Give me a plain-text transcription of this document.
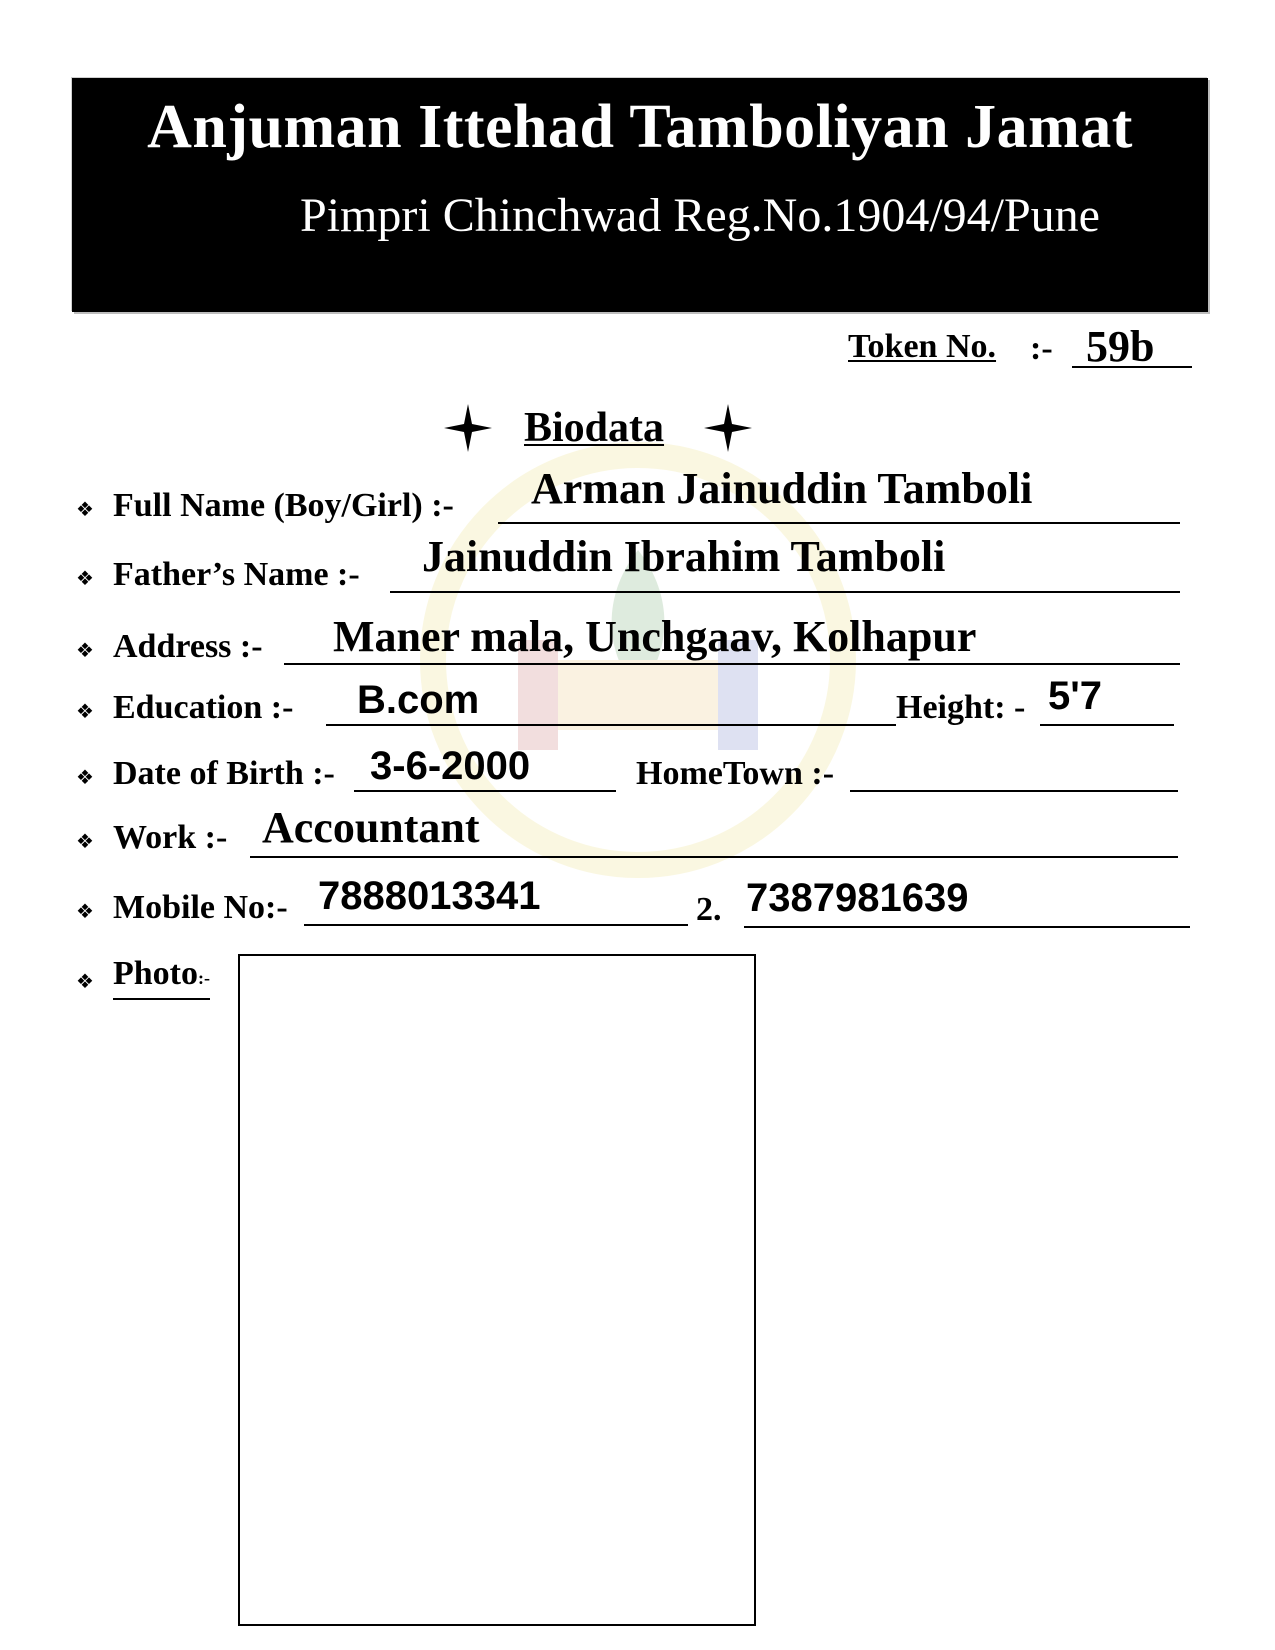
Anjuman Ittehad Tamboliyan Jamat
Pimpri Chinchwad Reg.No.1904/94/Pune
Token No. :- 59b
Biodata
❖ Full Name (Boy/Girl) :- Arman Jainuddin Tamboli
❖ Father’s Name :- Jainuddin Ibrahim Tamboli
❖ Address :- Maner mala, Unchgaav, Kolhapur
❖ Education :- B.com	Height: - 5'7
❖ Date of Birth :- 3-6-2000	HomeTown :-
❖ Work :- Accountant
❖ Mobile No:- 7888013341	2. 7387981639
❖ Photo:-
